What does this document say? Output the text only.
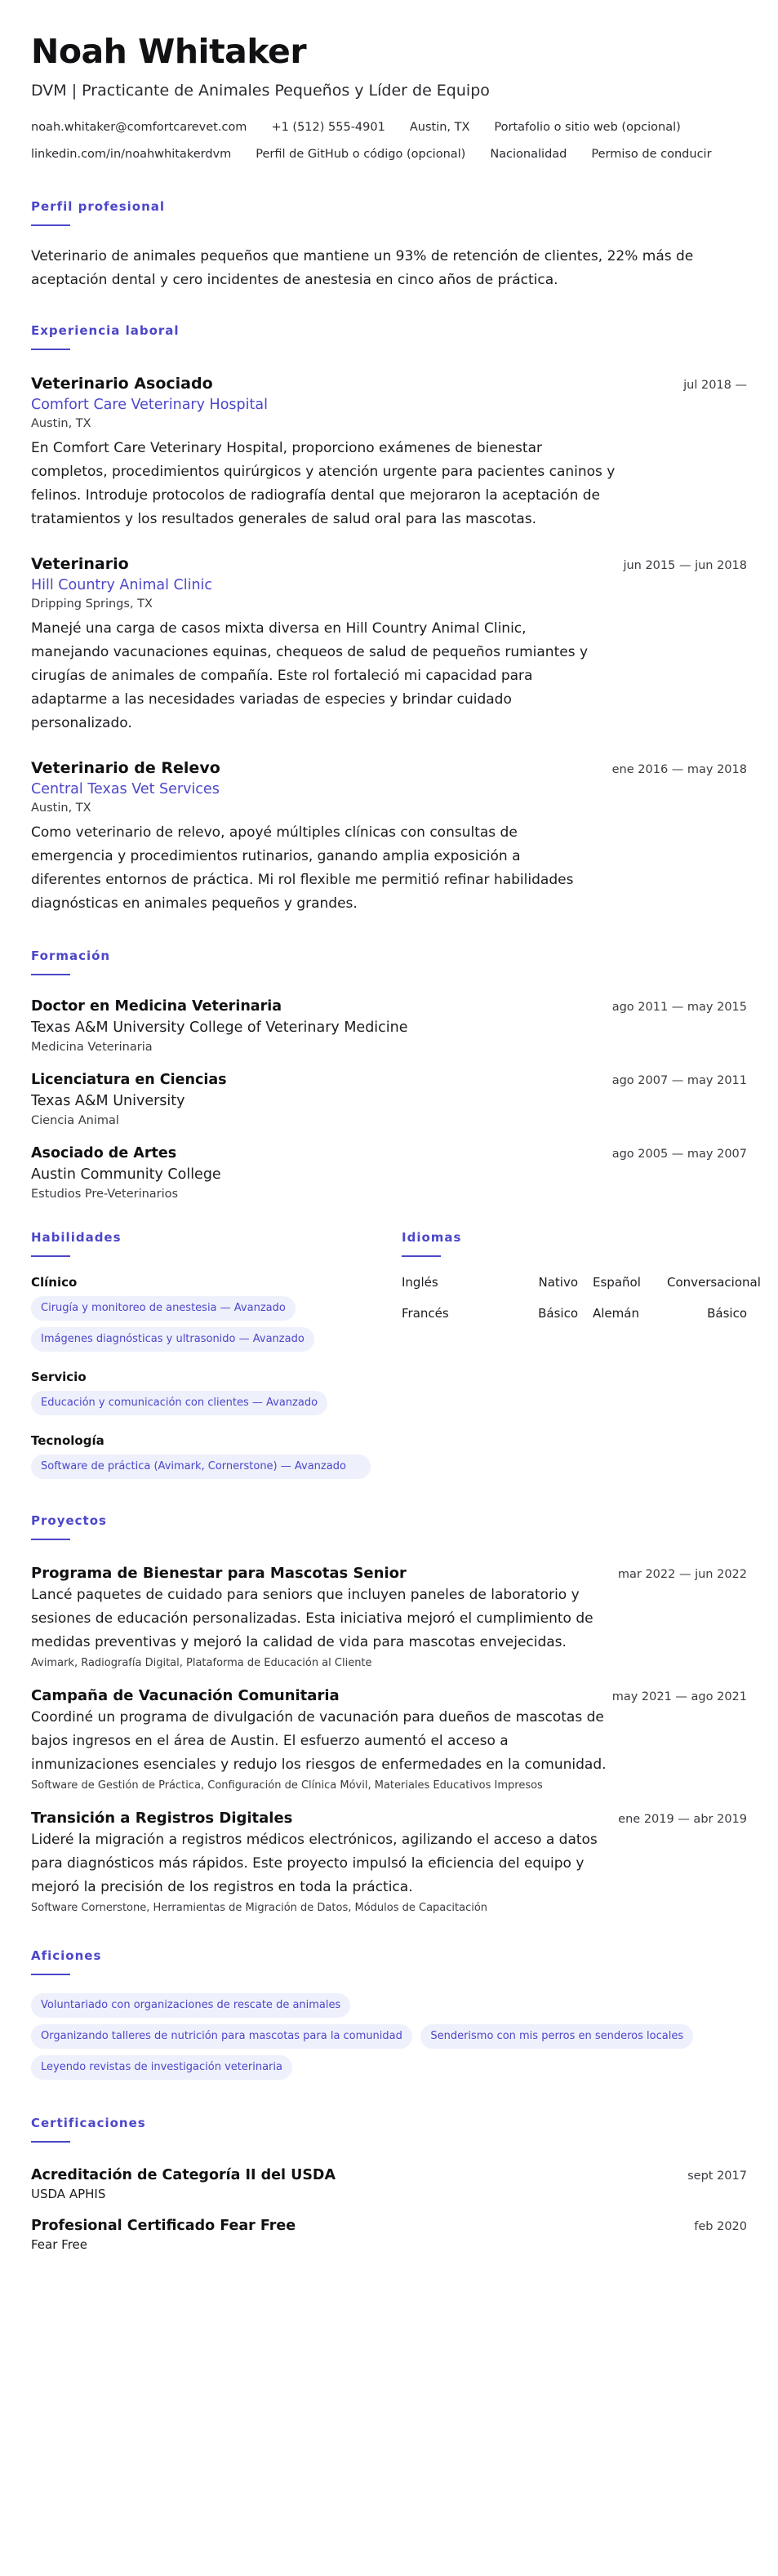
Noah Whitaker
DVM | Practicante de Animales Pequeños y Líder de Equipo
noah.whitaker@comfortcarevet.com +1 (512) 555-4901 Austin, TX Portafolio o sitio web (opcional)
linkedin.com/in/noahwhitakerdvm Perfil de GitHub o código (opcional) Nacionalidad Permiso de conducir
Perfil profesional
Veterinario de animales pequeños que mantiene un 93% de retención de clientes, 22% más de aceptación dental y cero incidentes de anestesia en cinco años de práctica.
Experiencia laboral
Veterinario Asociado	jul 2018 —
Comfort Care Veterinary Hospital
Austin, TX
En Comfort Care Veterinary Hospital, proporciono exámenes de bienestar completos, procedimientos quirúrgicos y atención urgente para pacientes caninos y felinos. Introduje protocolos de radiografía dental que mejoraron la aceptación de tratamientos y los resultados generales de salud oral para las mascotas.
Veterinario	jun 2015 — jun 2018
Hill Country Animal Clinic
Dripping Springs, TX
Manejé una carga de casos mixta diversa en Hill Country Animal Clinic, manejando vacunaciones equinas, chequeos de salud de pequeños rumiantes y cirugías de animales de compañía. Este rol fortaleció mi capacidad para adaptarme a las necesidades variadas de especies y brindar cuidado personalizado.
Veterinario de Relevo	ene 2016 — may 2018
Central Texas Vet Services
Austin, TX
Como veterinario de relevo, apoyé múltiples clínicas con consultas de emergencia y procedimientos rutinarios, ganando amplia exposición a diferentes entornos de práctica. Mi rol flexible me permitió refinar habilidades diagnósticas en animales pequeños y grandes.
Formación
Doctor en Medicina Veterinaria	ago 2011 — may 2015
Texas A&M University College of Veterinary Medicine
Medicina Veterinaria
Licenciatura en Ciencias	ago 2007 — may 2011
Texas A&M University
Ciencia Animal
Asociado de Artes	ago 2005 — may 2007
Austin Community College
Estudios Pre-Veterinarios
Habilidades
Clínico
Cirugía y monitoreo de anestesia — Avanzado
Imágenes diagnósticas y ultrasonido — Avanzado
Servicio
Educación y comunicación con clientes — Avanzado
Tecnología
Software de práctica (Avimark, Cornerstone) — Avanzado
Idiomas
Inglés	Nativo Español	Conversacional
Francés	Básico Alemán	Básico
Proyectos
Programa de Bienestar para Mascotas Senior	mar 2022 — jun 2022
Lancé paquetes de cuidado para seniors que incluyen paneles de laboratorio y sesiones de educación personalizadas. Esta iniciativa mejoró el cumplimiento de medidas preventivas y mejoró la calidad de vida para mascotas envejecidas.
Avimark, Radiografía Digital, Plataforma de Educación al Cliente
Campaña de Vacunación Comunitaria	may 2021 — ago 2021
Coordiné un programa de divulgación de vacunación para dueños de mascotas de bajos ingresos en el área de Austin. El esfuerzo aumentó el acceso a inmunizaciones esenciales y redujo los riesgos de enfermedades en la comunidad.
Software de Gestión de Práctica, Configuración de Clínica Móvil, Materiales Educativos Impresos
Transición a Registros Digitales	ene 2019 — abr 2019
Lideré la migración a registros médicos electrónicos, agilizando el acceso a datos para diagnósticos más rápidos. Este proyecto impulsó la eficiencia del equipo y mejoró la precisión de los registros en toda la práctica.
Software Cornerstone, Herramientas de Migración de Datos, Módulos de Capacitación
Aficiones
Voluntariado con organizaciones de rescate de animales
Organizando talleres de nutrición para mascotas para la comunidad	Senderismo con mis perros en senderos locales
Leyendo revistas de investigación veterinaria
Certificaciones
Acreditación de Categoría II del USDA	sept 2017
USDA APHIS
Profesional Certificado Fear Free	feb 2020
Fear Free
